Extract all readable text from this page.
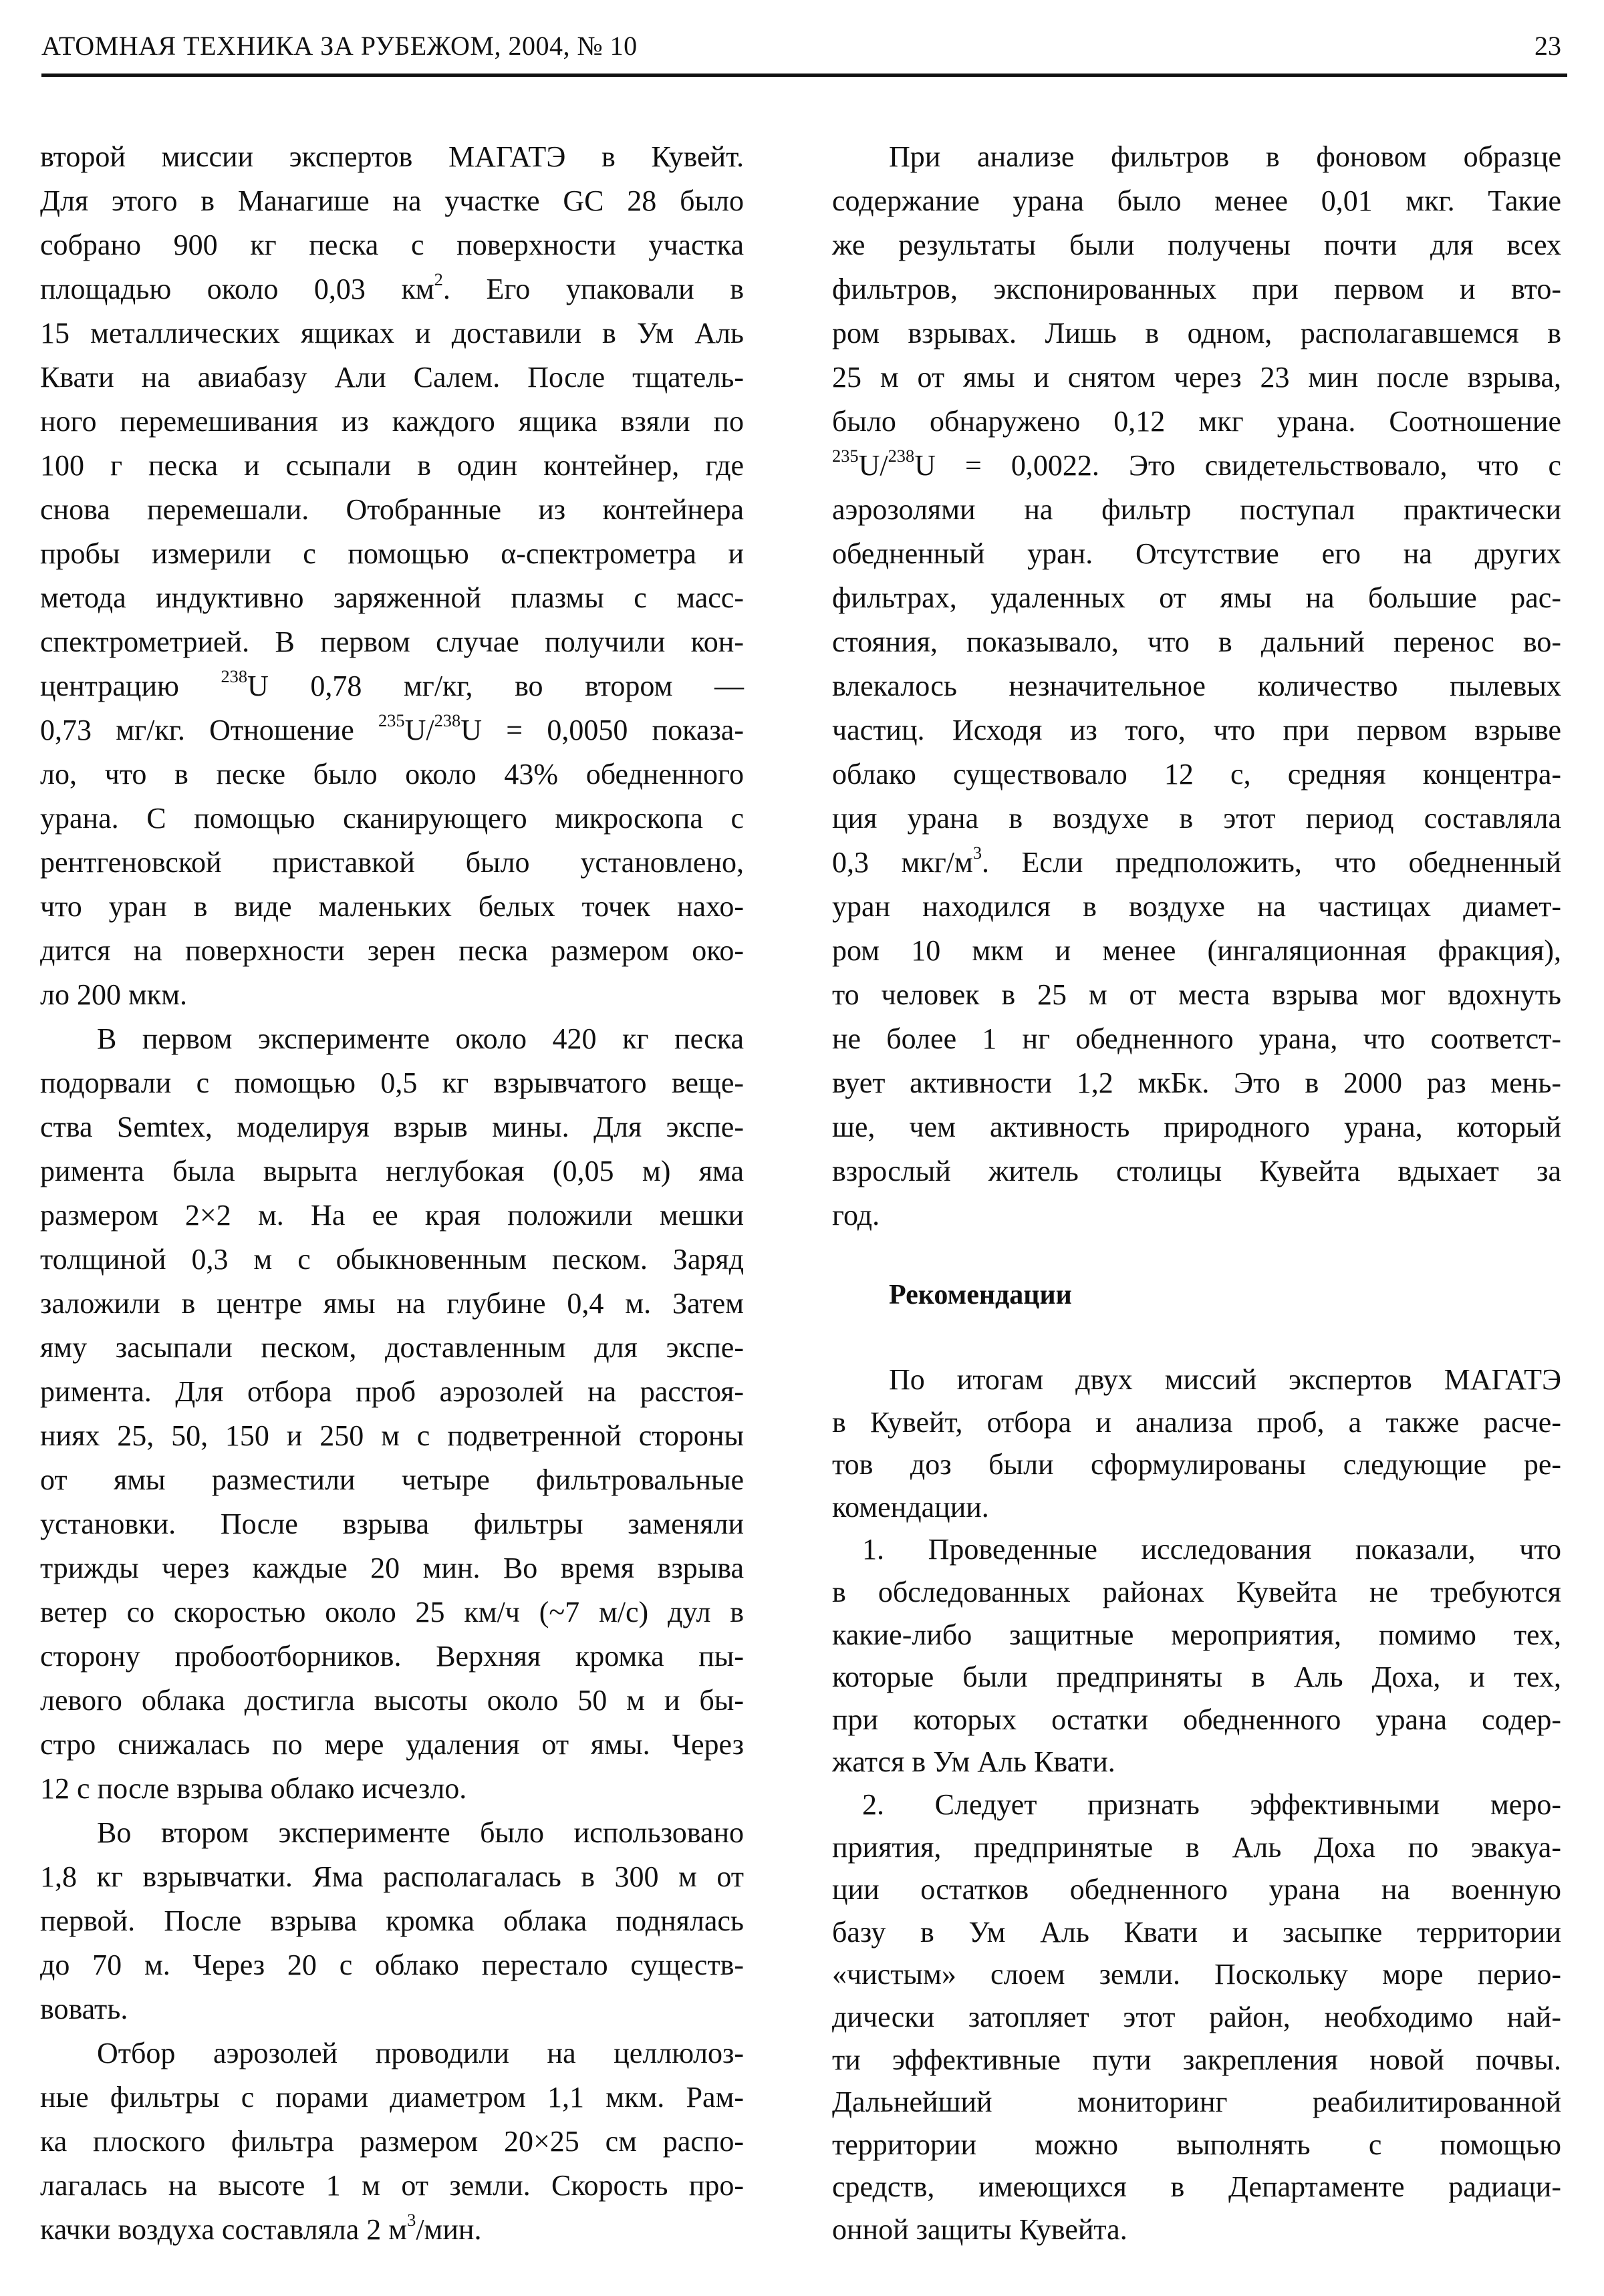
АТОМНАЯ ТЕХНИКА ЗА РУБЕЖОМ, 2004, № 10	23
второй миссии экспертов МАГАТЭ в Кувейт.
Для этого в Манагише на участке GC 28 было
собрано 900 кг песка с поверхности участка
площадью около 0,03 $км^2$. Его упаковали в
15 металлических ящиках и доставили в Ум Аль
Квати на авиабазу Али Салем. После тщатель-
ного перемешивания из каждого ящика взяли по
100 г песка и ссыпали в один контейнер, где
снова перемешали. Отобранные из контейнера
пробы измерили с помощью α-спектрометра и
метода индуктивно заряженной плазмы с масс-
спектрометрией. В первом случае получили кон-
центрацию $^{238}$U 0,78 мг/кг, во втором —
0,73 мг/кг. Отношение $^{235}$U/$^{238}$U = 0,0050 показа-
ло, что в песке было около 43% обедненного
урана. С помощью сканирующего микроскопа с
рентгеновской приставкой было установлено,
что уран в виде маленьких белых точек нахо-
дится на поверхности зерен песка размером око-
ло 200 мкм.
В первом эксперименте около 420 кг песка
подорвали с помощью 0,5 кг взрывчатого веще-
ства Semtex, моделируя взрыв мины. Для экспе-
римента была вырыта неглубокая (0,05 м) яма
размером 2×2 м. На ее края положили мешки
толщиной 0,3 м с обыкновенным песком. Заряд
заложили в центре ямы на глубине 0,4 м. Затем
яму засыпали песком, доставленным для экспе-
римента. Для отбора проб аэрозолей на расстоя-
ниях 25, 50, 150 и 250 м с подветренной стороны
от ямы разместили четыре фильтровальные
установки. После взрыва фильтры заменяли
трижды через каждые 20 мин. Во время взрыва
ветер со скоростью около 25 км/ч (~7 м/с) дул в
сторону пробоотборников. Верхняя кромка пы-
левого облака достигла высоты около 50 м и бы-
стро снижалась по мере удаления от ямы. Через
12 с после взрыва облако исчезло.
Во втором эксперименте было использовано
1,8 кг взрывчатки. Яма располагалась в 300 м от
первой. После взрыва кромка облака поднялась
до 70 м. Через 20 с облако перестало существ-
вовать.
Отбор аэрозолей проводили на целлюлоз-
ные фильтры с порами диаметром 1,1 мкм. Рам-
ка плоского фильтра размером 20×25 см распо-
лагалась на высоте 1 м от земли. Скорость про-
качки воздуха составляла 2 $м^3$/мин.
При анализе фильтров в фоновом образце
содержание урана было менее 0,01 мкг. Такие
же результаты были получены почти для всех
фильтров, экспонированных при первом и вто-
ром взрывах. Лишь в одном, располагавшемся в
25 м от ямы и снятом через 23 мин после взрыва,
было обнаружено 0,12 мкг урана. Соотношение
$^{235}$U/$^{238}$U = 0,0022. Это свидетельствовало, что с
аэрозолями на фильтр поступал практически
обедненный уран. Отсутствие его на других
фильтрах, удаленных от ямы на большие рас-
стояния, показывало, что в дальний перенос во-
влекалось незначительное количество пылевых
частиц. Исходя из того, что при первом взрыве
облако существовало 12 с, средняя концентра-
ция урана в воздухе в этот период составляла
0,3 мкг/$м^3$. Если предположить, что обедненный
уран находился в воздухе на частицах диамет-
ром 10 мкм и менее (ингаляционная фракция),
то человек в 25 м от места взрыва мог вдохнуть
не более 1 нг обедненного урана, что соответст-
вует активности 1,2 мкБк. Это в 2000 раз мень-
ше, чем активность природного урана, который
взрослый житель столицы Кувейта вдыхает за
год.
Рекомендации
По итогам двух миссий экспертов МАГАТЭ
в Кувейт, отбора и анализа проб, а также расче-
тов доз были сформулированы следующие ре-
комендации.
1. Проведенные исследования показали, что
в обследованных районах Кувейта не требуются
какие-либо защитные мероприятия, помимо тех,
которые были предприняты в Аль Доха, и тех,
при которых остатки обедненного урана содер-
жатся в Ум Аль Квати.
2. Следует признать эффективными меро-
приятия, предпринятые в Аль Доха по эвакуа-
ции остатков обедненного урана на военную
базу в Ум Аль Квати и засыпке территории
«чистым» слоем земли. Поскольку море перио-
дически затопляет этот район, необходимо най-
ти эффективные пути закрепления новой почвы.
Дальнейший мониторинг реабилитированной
территории можно выполнять с помощью
средств, имеющихся в Департаменте радиаци-
онной защиты Кувейта.
